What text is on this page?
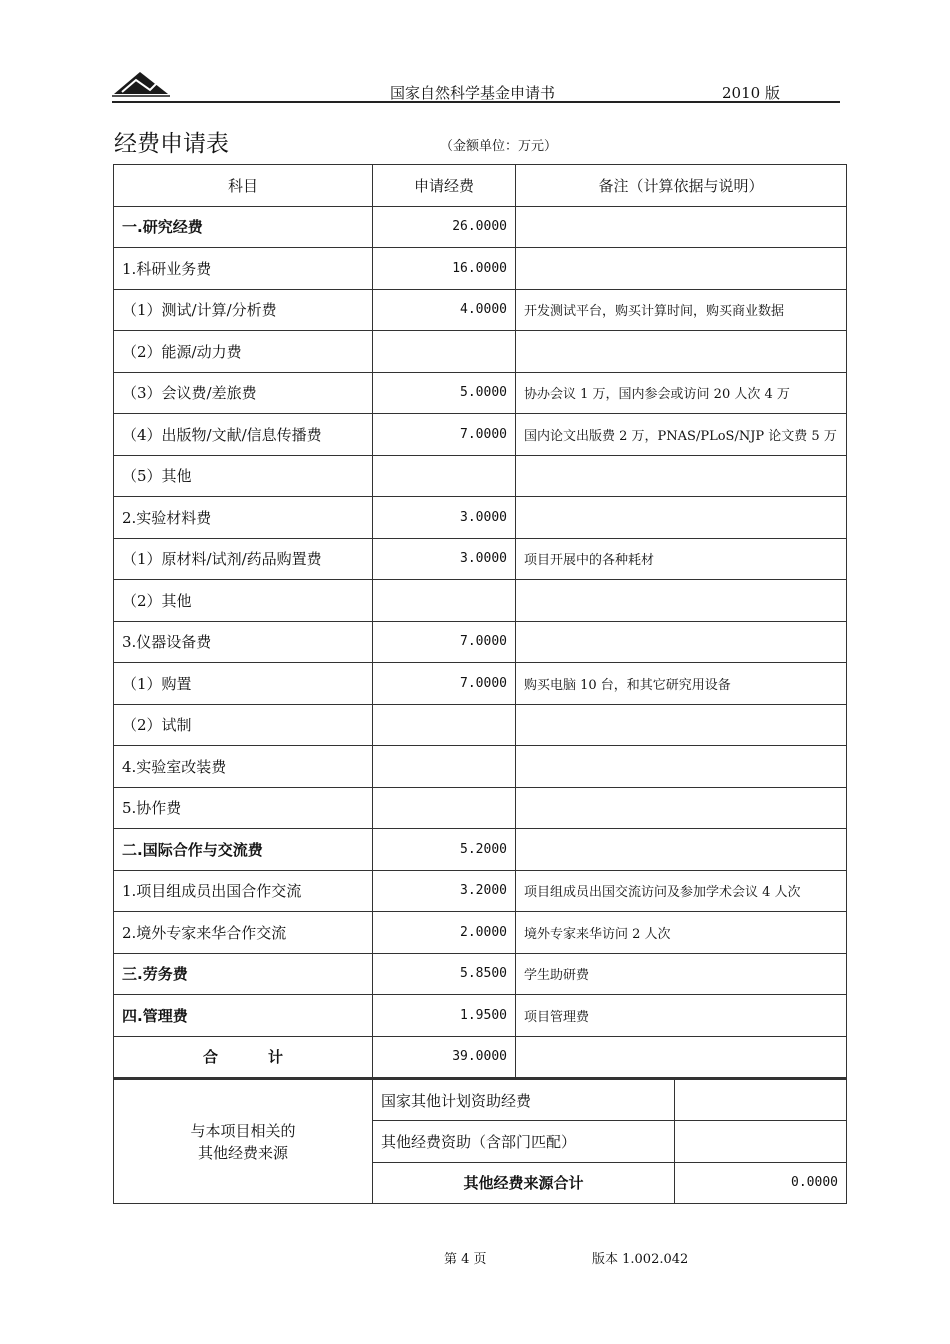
国家自然科学基金申请书	2010 版
经费申请表	（金额单位：万元）
科目	申请经费	备注（计算依据与说明）
一.研究经费	26.0000	
1.科研业务费	16.0000	
（1）测试/计算/分析费	4.0000	开发测试平台，购买计算时间，购买商业数据
（2）能源/动力费		
（3）会议费/差旅费	5.0000	协办会议 1 万，国内参会或访问 20 人次 4 万
（4）出版物/文献/信息传播费	7.0000	国内论文出版费 2 万，PNAS/PLoS/NJP 论文费 5 万
（5）其他		
2.实验材料费	3.0000	
（1）原材料/试剂/药品购置费	3.0000	项目开展中的各种耗材
（2）其他		
3.仪器设备费	7.0000	
（1）购置	7.0000	购买电脑 10 台，和其它研究用设备
（2）试制		
4.实验室改装费		
5.协作费		
二.国际合作与交流费	5.2000	
1.项目组成员出国合作交流	3.2000	项目组成员出国交流访问及参加学术会议 4 人次
2.境外专家来华合作交流	2.0000	境外专家来华访问 2 人次
三.劳务费	5.8500	学生助研费
四.管理费	1.9500	项目管理费
合 计	39.0000	
与本项目相关的
其他经费来源	国家其他计划资助经费	
	其他经费资助（含部门匹配）	
	其他经费来源合计	0.0000
第 4 页	版本 1.002.042
